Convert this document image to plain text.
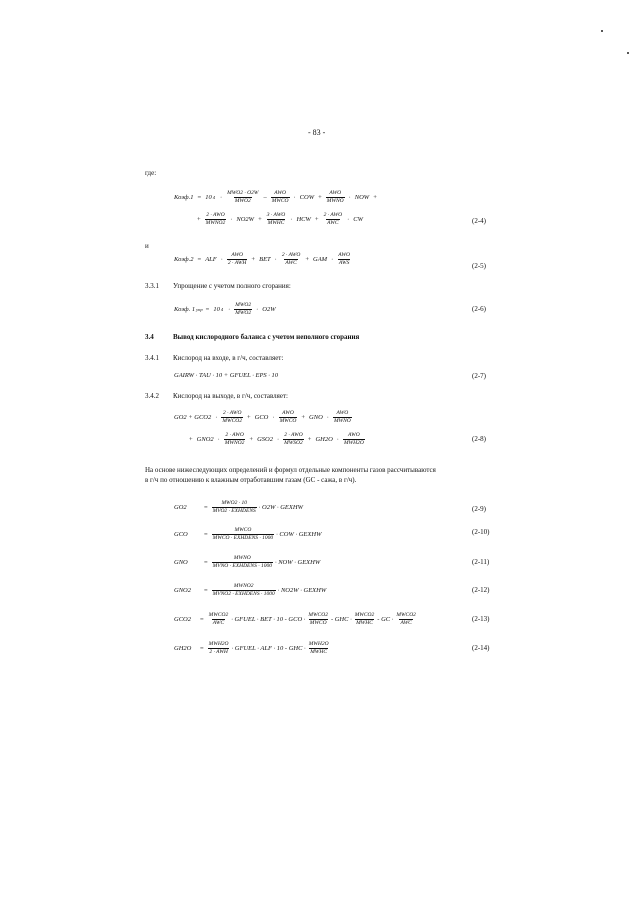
- 83 -
где:
Коэф.1 = 10 $4 \cdot \frac{\text{MWO2 · O2W}}{\text{MWO2}} - \frac{\text{AWO}}{\text{MWCO}}$ · COW + $\frac{\text{AWO}}{\text{MWNO}}$ · NOW +
+ $\frac{\text{2 · AWO}}{\text{MWNO2}} \cdot NO2W + \frac{\text{3 · AWO}}{\text{MWHC}}$ · HCW + $\frac{\text{2 · AWO}}{\text{AWC}}$ · CW	(2-4)
и
Коэф.2 = ALF · $\frac{\text{AWO}}{\text{2 · AWH}}$ + BET · $\frac{\text{2 · AWO}}{\text{AWC}}$ + GAM · $\frac{\text{AWO}}{\text{AWS}}$	(2-5)
3.3.1 Упрощение с учетом полного сгорания:
Коэф. 1 упр = 10 $4 \cdot \frac{\text{MWO2}}{\text{MWO2}} \cdot O2W$	(2-6)
3.4	Вывод кислородного баланса с учетом неполного сгорания
3.4.1 Кислород на входе, в г/ч, составляет:
GAIRW · TAU · 10 + GFUEL · EPS · 10	(2-7)
3.4.2 Кислород на выходе, в г/ч, составляет:
$GO2 + GCO2 \cdot \frac{\text{2 · AWO}}{\text{MWCO2}}$ + GCO · $\frac{\text{AWO}}{\text{MWCO}}$ + GNO · $\frac{\text{AWO}}{\text{MWNO}}$
+ $GNO2 \cdot \frac{\text{2 · AWO}}{\text{MWNO2}} + GSO2 \cdot \frac{\text{2 · AWO}}{\text{MWSO2}} + GH2O \cdot \frac{\text{AWO}}{\text{MWH2O}}$	(2-8)
На основе нижеследующих определений и формул отдельные компоненты газов рассчитываются
в г/ч по отношению к влажным отработавшим газам (GC - сажа, в г/ч).
GO2	= $\frac{\text{MWO2 · 10}}{\text{MVO2 · EXHDENS}} \cdot O2W$ · GEXHW	(2-9)
GCO	= $\frac{\text{MWCO}}{\text{MWCO · EXHDENS · 1000}}$ · COW · GEXHW	(2-10)
GNO	= $\frac{\text{MWNO}}{\text{MVNO · EXHDENS · 1000}}$ · NOW · GEXHW	(2-11)
GNO2	= $\frac{\text{MWNO2}}{\text{MVNO2 · EXHDENS · 1000}} \cdot NO2W$ · GEXHW	(2-12)
GCO2	= $\frac{\text{MWCO2}}{\text{AWC}}$ · GFUEL · BET · 10 - GCO · $\frac{\text{MWCO2}}{\text{MWCO}}$ - GHC · $\frac{\text{MWCO2}}{\text{MWHC}}$ - GC · $\frac{\text{MWCO2}}{\text{AWC}}$	(2-13)
GH2O	= $\frac{\text{MWH2O}}{\text{2 · AWH}}$ · GFUEL · ALF · 10 - GHC · $\frac{\text{MWH2O}}{\text{MWHC}}$	(2-14)
